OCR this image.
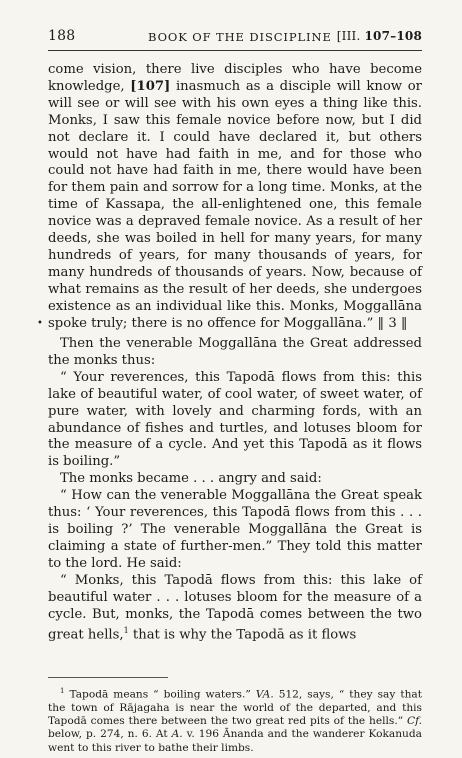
188	BOOK OF THE DISCIPLINE [III. 107–108

come vision, there live disciples who have become knowledge, [107] inasmuch as a disciple will know or will see or will see with his own eyes a thing like this. Monks, I saw this female novice before now, but I did not declare it. I could have declared it, but others would not have had faith in me, and for those who could not have had faith in me, there would have been for them pain and sorrow for a long time. Monks, at the time of Kassapa, the all-enlightened one, this female novice was a depraved female novice. As a result of her deeds, she was boiled in hell for many years, for many hundreds of years, for many thousands of years, for many hundreds of thousands of years. Now, because of what remains as the result of her deeds, she undergoes existence as an individual like this. Monks, Moggallāna spoke truly; there is no offence for Moggallāna.” ‖ 3 ‖

•

Then the venerable Moggallāna the Great addressed the monks thus:

“ Your reverences, this Tapodā flows from this: this lake of beautiful water, of cool water, of sweet water, of pure water, with lovely and charming fords, with an abundance of fishes and turtles, and lotuses bloom for the measure of a cycle. And yet this Tapodā as it flows is boiling.”

The monks became . . . angry and said:

“ How can the venerable Moggallāna the Great speak thus: ‘ Your reverences, this Tapodā flows from this . . . is boiling ?’ The venerable Moggallāna the Great is claiming a state of further-men.” They told this matter to the lord. He said:

“ Monks, this Tapodā flows from this: this lake of beautiful water . . . lotuses bloom for the measure of a cycle. But, monks, the Tapodā comes between the two great hells,$^1$ that is why the Tapodā as it flows

$^1$ Tapodā means “ boiling waters.” VA. 512, says, “ they say that the town of Rājagaha is near the world of the departed, and this Tapodā comes there between the two great red pits of the hells.” Cf. below, p. 274, n. 6. At A. v. 196 Ānanda and the wanderer Kokanuda went to this river to bathe their limbs.
